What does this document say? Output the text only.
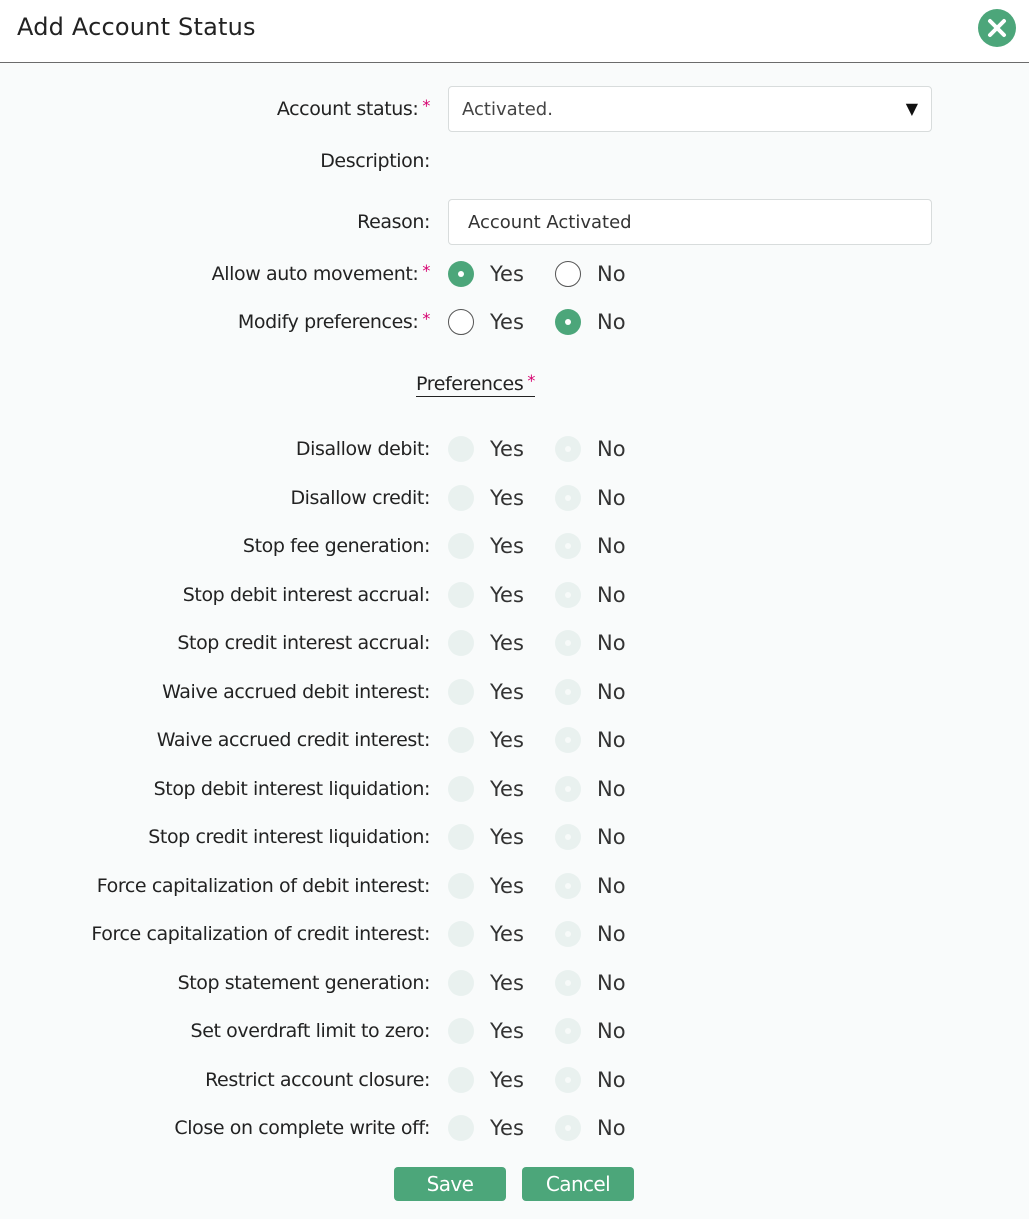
Add Account Status
Account status: * Activated.	▼
Description:
Reason:
Account Activated
Allow auto movement: *	Yes	No
Modify preferences: *	Yes	No
Preferences *
Disallow debit:	Yes	No
Disallow credit:	Yes	No
Stop fee generation:	Yes	No
Stop debit interest accrual:	Yes	No
Stop credit interest accrual:	Yes	No
Waive accrued debit interest:	Yes	No
Waive accrued credit interest:	Yes	No
Stop debit interest liquidation:	Yes	No
Stop credit interest liquidation:	Yes	No
Force capitalization of debit interest:	Yes	No
Force capitalization of credit interest:	Yes	No
Stop statement generation:	Yes	No
Set overdraft limit to zero:	Yes	No
Restrict account closure:	Yes	No
Close on complete write off:	Yes	No
Save	Cancel
